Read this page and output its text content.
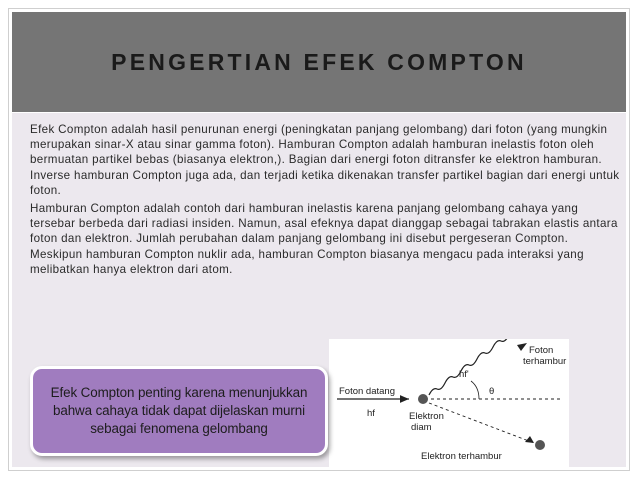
PENGERTIAN EFEK COMPTON

Efek Compton adalah hasil penurunan energi (peningkatan panjang gelombang) dari foton (yang mungkin merupakan sinar-X atau sinar gamma foton). Hamburan Compton adalah hamburan inelastis foton oleh bermuatan partikel bebas (biasanya elektron,). Bagian dari energi foton ditransfer ke elektron hamburan. Inverse hamburan Compton juga ada, dan terjadi ketika dikenakan transfer partikel bagian dari energi untuk foton.

Hamburan Compton adalah contoh dari hamburan inelastis karena panjang gelombang cahaya yang tersebar berbeda dari radiasi insiden. Namun, asal efeknya dapat dianggap sebagai tabrakan elastis antara foton dan elektron. Jumlah perubahan dalam panjang gelombang ini disebut pergeseran Compton. Meskipun hamburan Compton nuklir ada, hamburan Compton biasanya mengacu pada interaksi yang melibatkan hanya elektron dari atom.

Foton datang
hf
hf'
θ
Foton
terhambur
Elektron
diam
Elektron terhambur
Efek Compton penting karena menunjukkan bahwa cahaya tidak dapat dijelaskan murni sebagai fenomena gelombang
